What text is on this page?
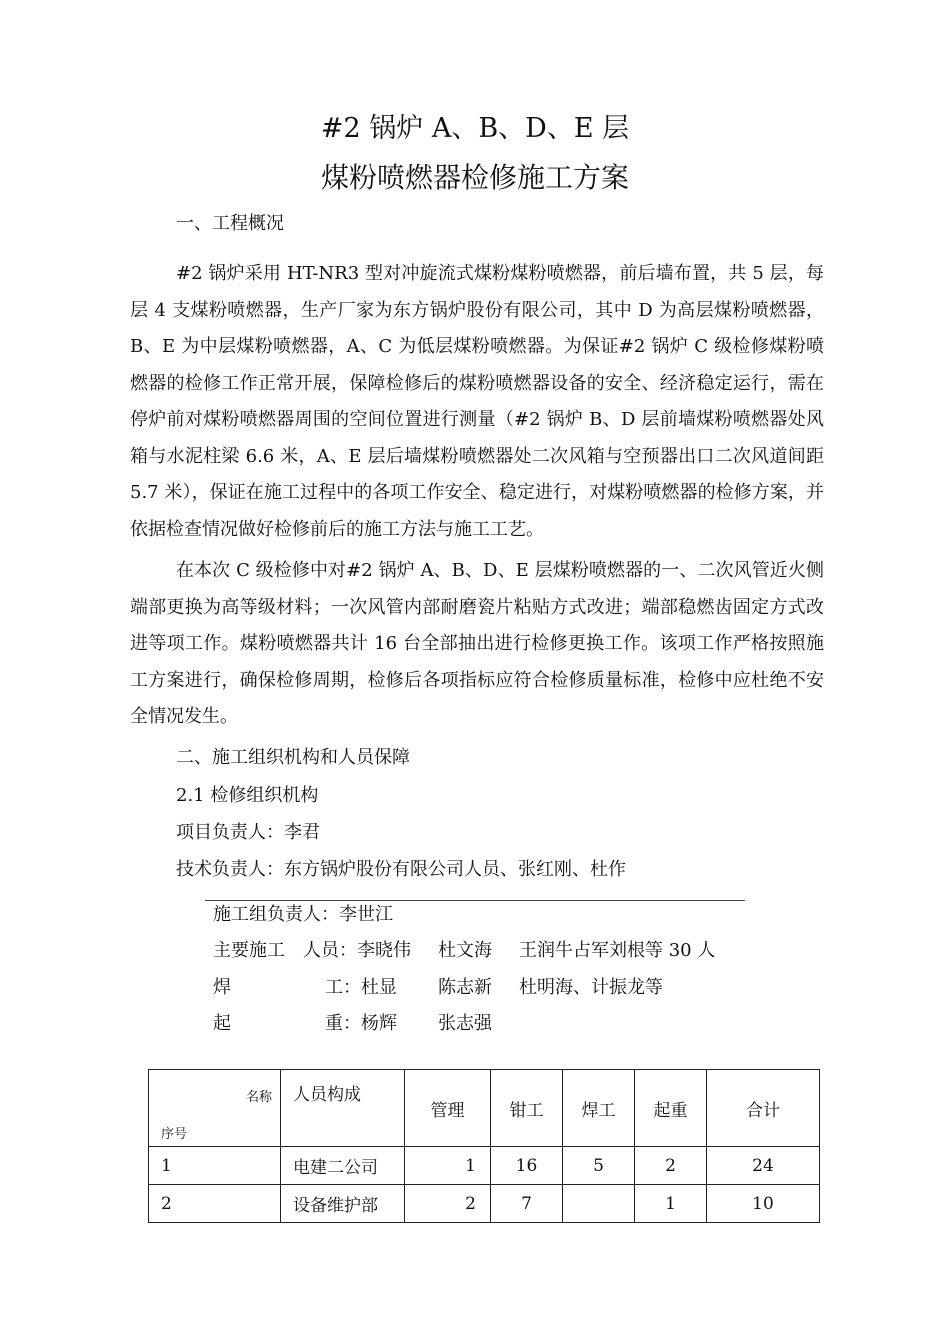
#2 锅炉 A、B、D、E 层
煤粉喷燃器检修施工方案
一、工程概况
#2 锅炉采用 HT-NR3 型对冲旋流式煤粉煤粉喷燃器，前后墙布置，共 5 层，每层 4 支煤粉喷燃器，生产厂家为东方锅炉股份有限公司，其中 D 为高层煤粉喷燃器，B、E 为中层煤粉喷燃器，A、C 为低层煤粉喷燃器。为保证#2 锅炉 C 级检修煤粉喷燃器的检修工作正常开展，保障检修后的煤粉喷燃器设备的安全、经济稳定运行，需在停炉前对煤粉喷燃器周围的空间位置进行测量（#2 锅炉 B、D 层前墙煤粉喷燃器处风箱与水泥柱梁 6.6 米，A、E 层后墙煤粉喷燃器处二次风箱与空预器出口二次风道间距 5.7 米），保证在施工过程中的各项工作安全、稳定进行，对煤粉喷燃器的检修方案，并依据检查情况做好检修前后的施工方法与施工工艺。
在本次 C 级检修中对#2 锅炉 A、B、D、E 层煤粉喷燃器的一、二次风管近火侧端部更换为高等级材料；一次风管内部耐磨瓷片粘贴方式改进；端部稳燃齿固定方式改进等项工作。煤粉喷燃器共计 16 台全部抽出进行检修更换工作。该项工作严格按照施工方案进行，确保检修周期，检修后各项指标应符合检修质量标准，检修中应杜绝不安全情况发生。
二、施工组织机构和人员保障
2.1 检修组织机构
项目负责人：李君
技术负责人：东方锅炉股份有限公司人员、张红刚、杜作
施工组负责人：李世江
主要施工　人员：李晓伟 杜文海 王润牛占军刘根等 30 人
焊	工：杜显 陈志新 杜明海、计振龙等
起	重：杨辉 张志强
名称
序号	人员构成	管理	钳工	焊工	起重	合计
1	电建二公司	1	16	5	2	24
2	设备维护部	2	7		1	10
